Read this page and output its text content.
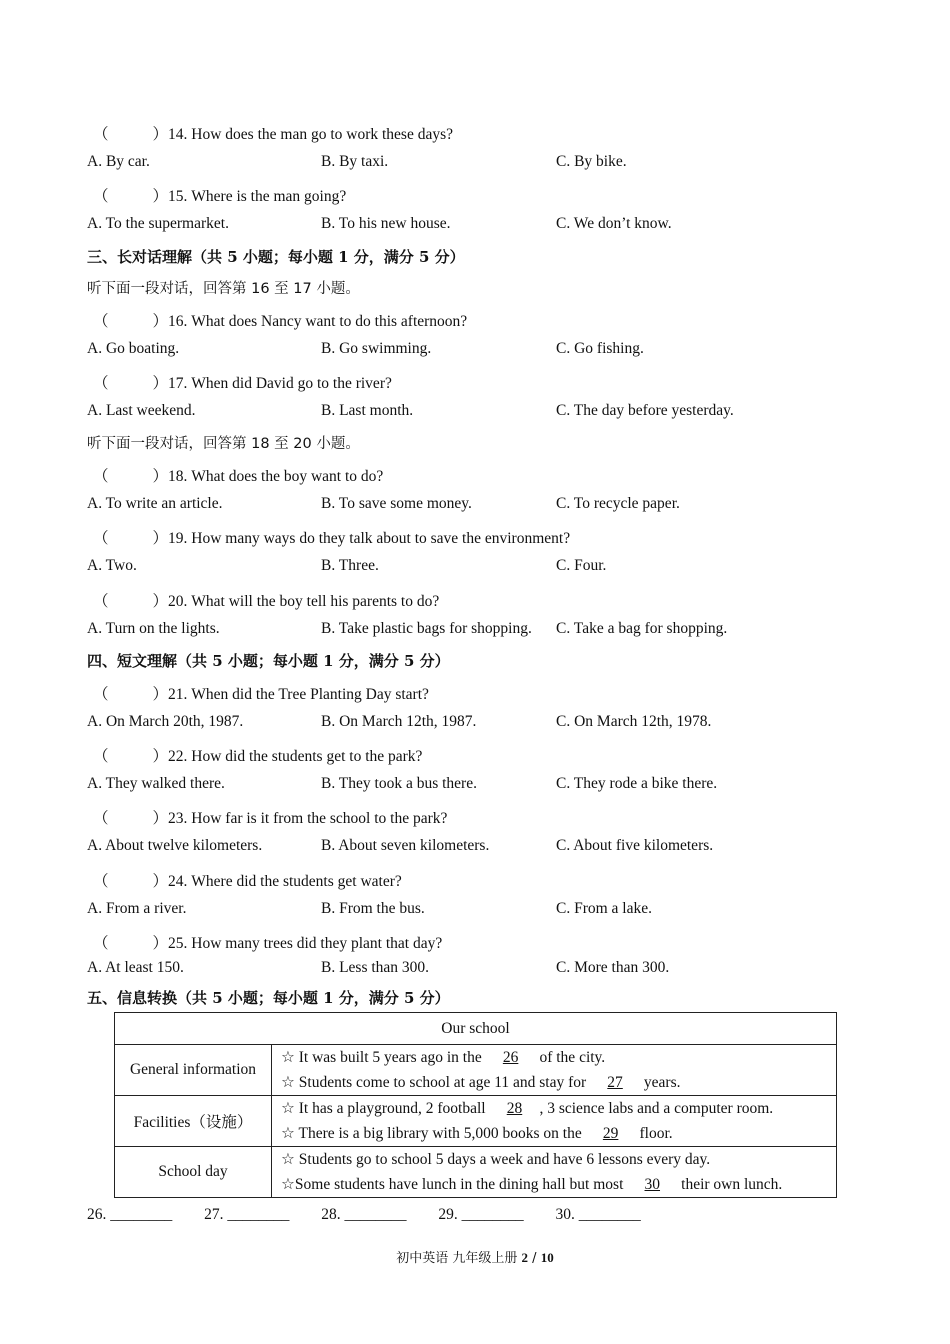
（	）14. How does the man go to work these days?
A. By car.	B. By taxi.	C. By bike.
（	）15. Where is the man going?
A. To the supermarket.	B. To his new house.	C. We don’t know.
三、长对话理解（共 5 小题；每小题 1 分，满分 5 分）
听下面一段对话，回答第 16 至 17 小题。
（	）16. What does Nancy want to do this afternoon?
A. Go boating.	B. Go swimming.	C. Go fishing.
（	）17. When did David go to the river?
A. Last weekend.	B. Last month.	C. The day before yesterday.
听下面一段对话，回答第 18 至 20 小题。
（	）18. What does the boy want to do?
A. To write an article.	B. To save some money.	C. To recycle paper.
（	）19. How many ways do they talk about to save the environment?
A. Two.	B. Three.	C. Four.
（	）20. What will the boy tell his parents to do?
A. Turn on the lights.	B. Take plastic bags for shopping. C. Take a bag for shopping.
四、短文理解（共 5 小题；每小题 1 分，满分 5 分）
（	）21. When did the Tree Planting Day start?
A. On March 20th, 1987.	B. On March 12th, 1987.	C. On March 12th, 1978.
（	）22. How did the students get to the park?
A. They walked there.	B. They took a bus there.	C. They rode a bike there.
（	）23. How far is it from the school to the park?
A. About twelve kilometers.	B. About seven kilometers.	C. About five kilometers.
（	）24. Where did the students get water?
A. From a river.	B. From the bus.	C. From a lake.
（	）25. How many trees did they plant that day?
A. At least 150.	B. Less than 300.	C. More than 300.
五、信息转换（共 5 小题；每小题 1 分，满分 5 分）
Our school	
General information	☆ It was built 5 years ago in the 26 of the city.
☆ Students come to school at age 11 and stay for 27 years.

Facilities（设施）	☆ It has a playground, 2 football 28 , 3 science labs and a computer room.
☆ There is a big library with 5,000 books on the 29 floor.

School day	☆ Students go to school 5 days a week and have 6 lessons every day.
☆Some students have lunch in the dining hall but most 30 their own lunch.
26. ________ 27. ________ 28. ________ 29. ________ 30. ________
初中英语 九年级上册 2 / 10
